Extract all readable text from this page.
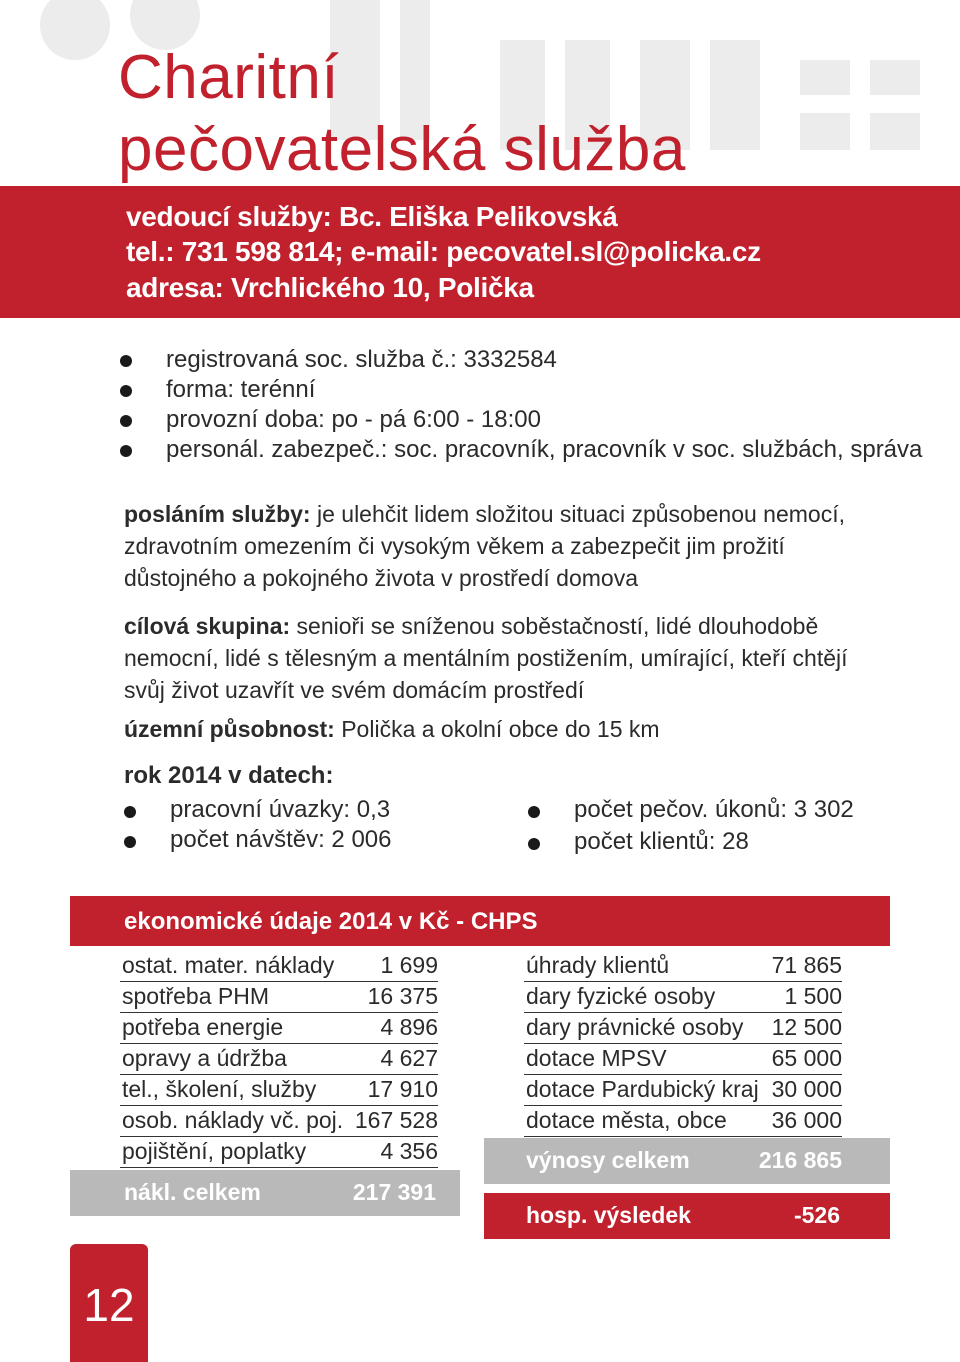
Charitní
pečovatelská služba
vedoucí služby: Bc. Eliška Pelikovská
tel.: 731 598 814; e-mail: pecovatel.sl@policka.cz
adresa: Vrchlického 10, Polička
registrovaná soc. služba č.: 3332584
forma: terénní
provozní doba: po - pá 6:00 - 18:00
personál. zabezpeč.: soc. pracovník, pracovník v soc. službách, správa
posláním služby: je ulehčit lidem složitou situaci způsobenou nemocí,
zdravotním omezením či vysokým věkem a zabezpečit jim prožití
důstojného a pokojného života v prostředí domova
cílová skupina: senioři se sníženou soběstačností, lidé dlouhodobě
nemocní, lidé s tělesným a mentálním postižením, umírající, kteří chtějí
svůj život uzavřít ve svém domácím prostředí
územní působnost: Polička a okolní obce do 15 km
rok 2014 v datech:
pracovní úvazky: 0,3
počet návštěv: 2 006
počet pečov. úkonů: 3 302
počet klientů: 28
ekonomické údaje 2014 v Kč - CHPS
ostat. mater. náklady 1 699
spotřeba PHM	16 375
potřeba energie	4 896
opravy a údržba	4 627
tel., školení, služby 17 910
osob. náklady vč. poj. 167 528
pojištění, poplatky	4 356
nákl. celkem	217 391
úhrady klientů	71 865
dary fyzické osoby	1 500
dary právnické osoby 12 500
dotace MPSV	65 000
dotace Pardubický kraj 30 000
dotace města, obce 36 000
výnosy celkem	216 865
hosp. výsledek	-526
12
